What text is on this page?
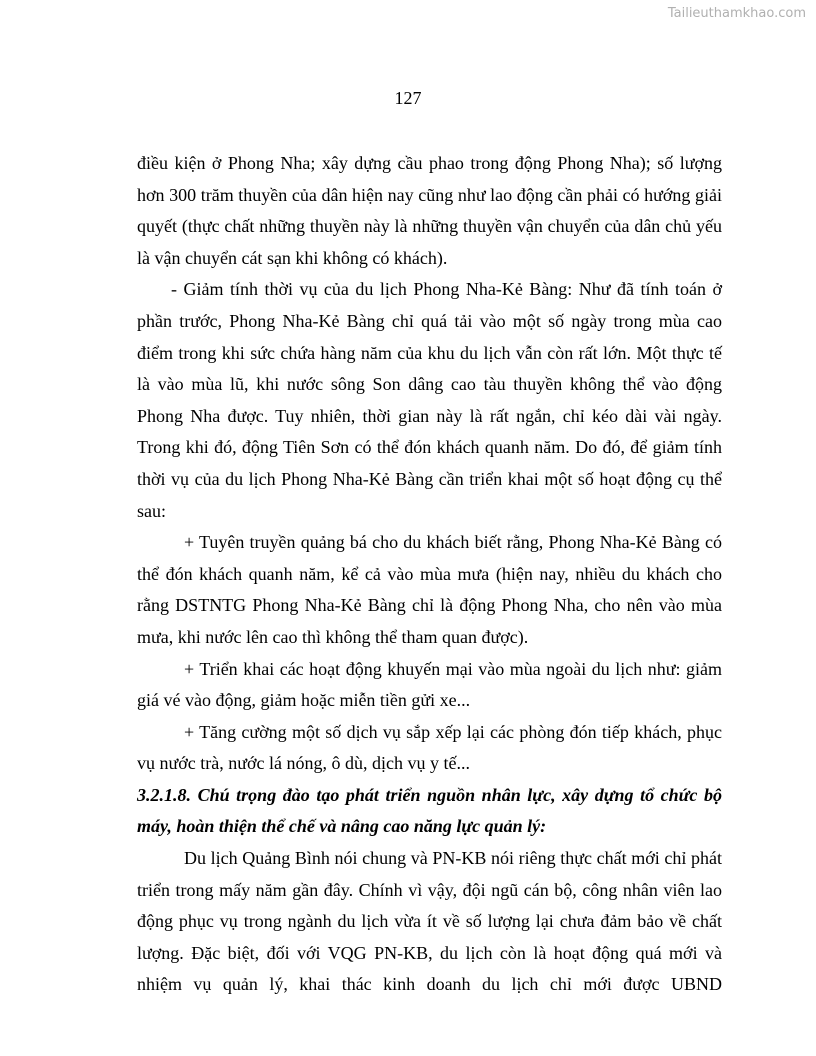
Tailieuthamkhao.com
127

điều kiện ở Phong Nha; xây dựng cầu phao trong động Phong Nha); số lượng hơn 300 trăm thuyền của dân hiện nay cũng như lao động cần phải có hướng giải quyết (thực chất những thuyền này là những thuyền vận chuyển của dân chủ yếu là vận chuyển cát sạn khi không có khách).

- Giảm tính thời vụ của du lịch Phong Nha-Kẻ Bàng: Như đã tính toán ở phần trước, Phong Nha-Kẻ Bàng chỉ quá tải vào một số ngày trong mùa cao điểm trong khi sức chứa hàng năm của khu du lịch vẫn còn rất lớn. Một thực tế là vào mùa lũ, khi nước sông Son dâng cao tàu thuyền không thể vào động Phong Nha được. Tuy nhiên, thời gian này là rất ngắn, chỉ kéo dài vài ngày. Trong khi đó, động Tiên Sơn có thể đón khách quanh năm. Do đó, để giảm tính thời vụ của du lịch Phong Nha-Kẻ Bàng cần triển khai một số hoạt động cụ thể sau:

+ Tuyên truyền quảng bá cho du khách biết rằng, Phong Nha-Kẻ Bàng có thể đón khách quanh năm, kể cả vào mùa mưa (hiện nay, nhiều du khách cho rằng DSTNTG Phong Nha-Kẻ Bàng chỉ là động Phong Nha, cho nên vào mùa mưa, khi nước lên cao thì không thể tham quan được).

+ Triển khai các hoạt động khuyến mại vào mùa ngoài du lịch như: giảm giá vé vào động, giảm hoặc miễn tiền gửi xe...

+ Tăng cường một số dịch vụ sắp xếp lại các phòng đón tiếp khách, phục vụ nước trà, nước lá nóng, ô dù, dịch vụ y tế...

3.2.1.8. Chú trọng đào tạo phát triển nguồn nhân lực, xây dựng tổ chức bộ máy, hoàn thiện thể chế và nâng cao năng lực quản lý:

Du lịch Quảng Bình nói chung và PN-KB nói riêng thực chất mới chỉ phát triển trong mấy năm gần đây. Chính vì vậy, đội ngũ cán bộ, công nhân viên lao động phục vụ trong ngành du lịch vừa ít về số lượng lại chưa đảm bảo về chất lượng. Đặc biệt, đối với VQG PN-KB, du lịch còn là hoạt động quá mới và nhiệm vụ quản lý, khai thác kinh doanh du lịch chỉ mới được UBND
